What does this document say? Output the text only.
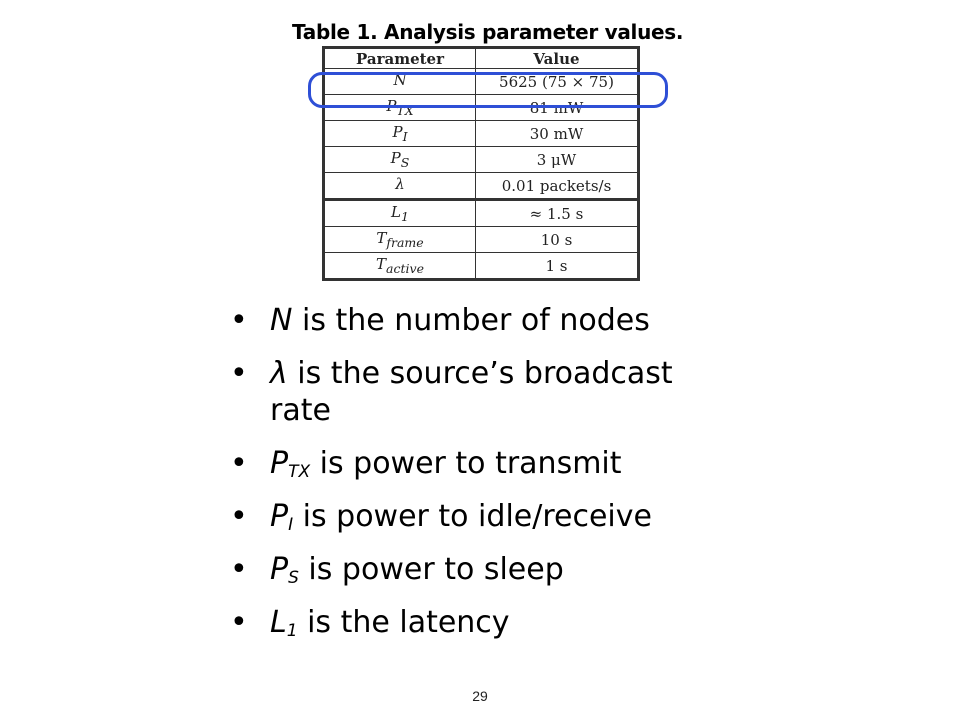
Table 1. Analysis parameter values.
Parameter	Value
N	5625 (75 × 75)
$P_{TX}$	81 mW
$P_I$	30 mW
$P_S$	3 μW
λ	0.01 packets/s
$L_1$	≈ 1.5 s
$T_{frame}$	10 s
$T_{active}$	1 s
• N is the number of nodes
• λ is the source’s broadcast rate
• $P_{TX}$ is power to transmit
• $P_I$ is power to idle/receive
• $P_S$ is power to sleep
• $L_1$ is the latency
29
